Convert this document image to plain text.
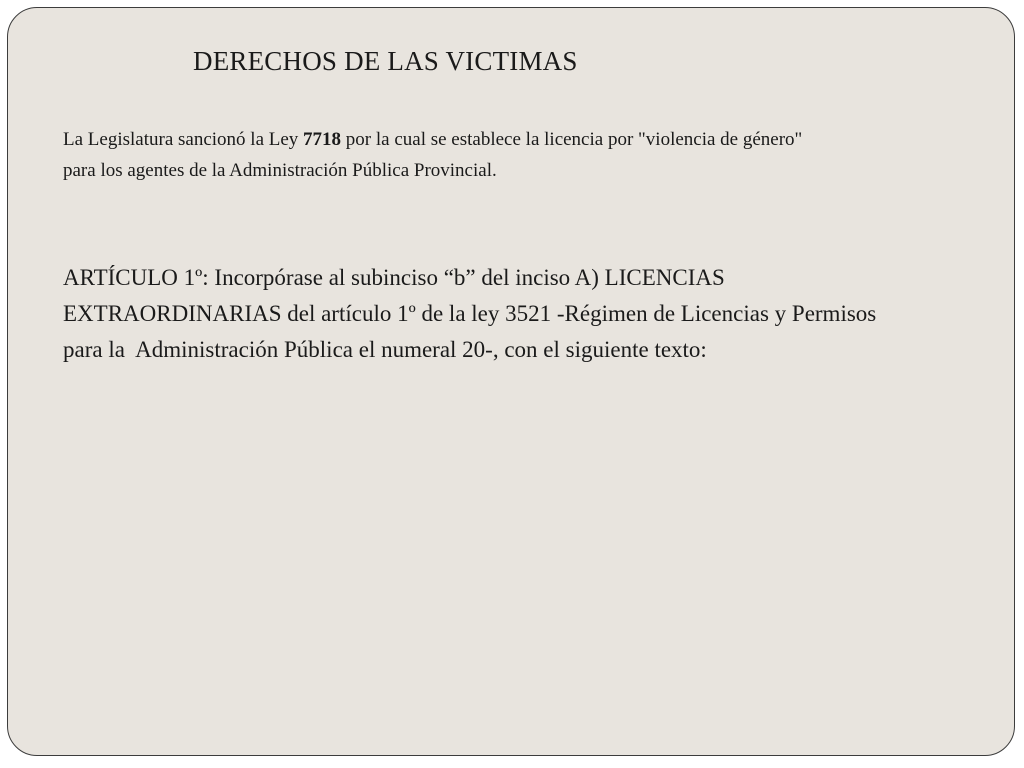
DERECHOS DE LAS VICTIMAS
La Legislatura sancionó la Ley 7718 por la cual se establece la licencia por "violencia de género"
para los agentes de la Administración Pública Provincial.
ARTÍCULO 1º: Incorpórase al subinciso “b” del inciso A) LICENCIAS
EXTRAORDINARIAS del artículo 1º de la ley 3521 -Régimen de Licencias y Permisos
para la  Administración Pública el numeral 20-, con el siguiente texto:
